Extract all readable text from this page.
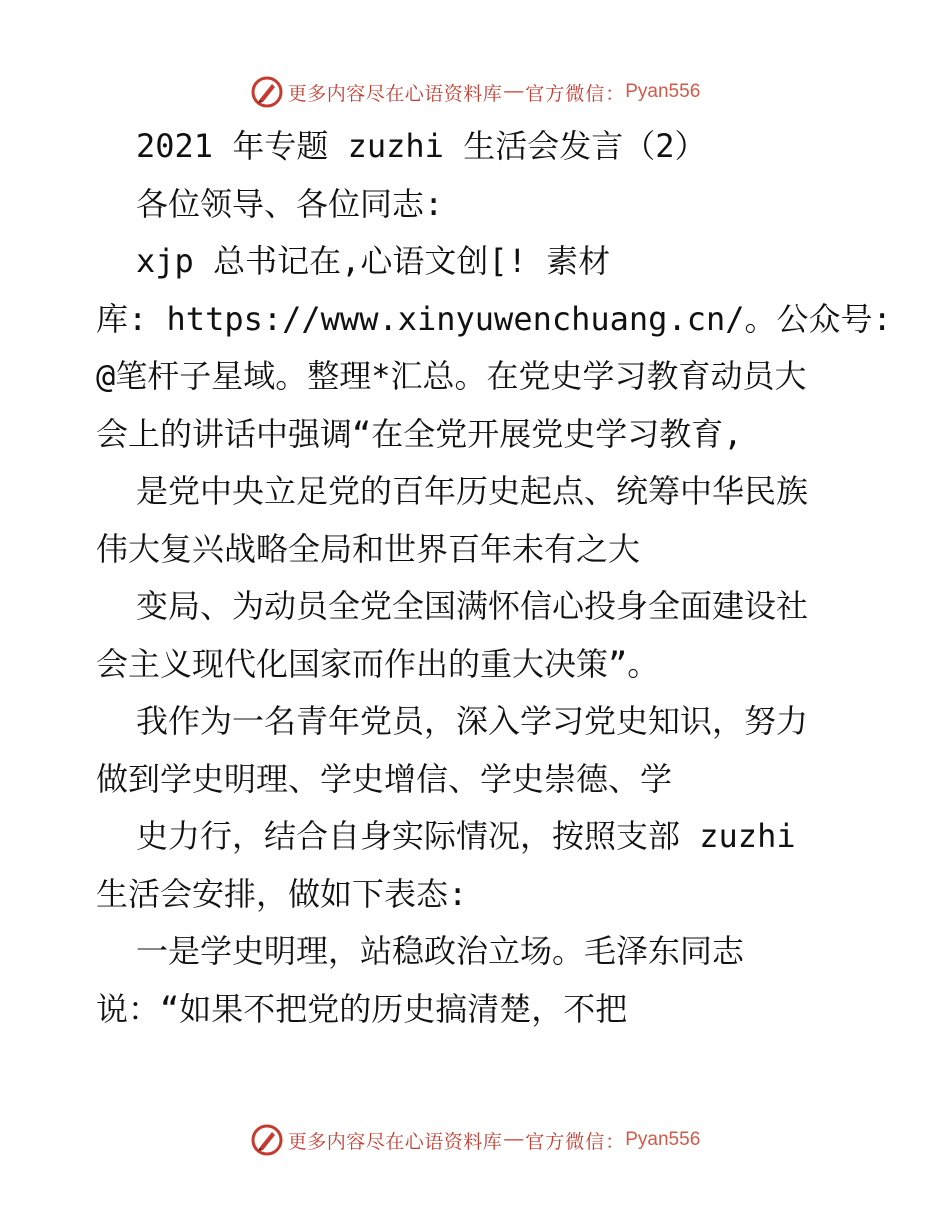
更多内容尽在心语资料库 — 官方微信： Pyan556
2021 年专题 zuzhi 生活会发言（2）
各位领导、各位同志:
xjp 总书记在,心语文创[! 素材
库: https://www.xinyuwenchuang.cn/。公众号:
@笔杆子星域。整理*汇总。在党史学习教育动员大
会上的讲话中强调“在全党开展党史学习教育,
是党中央立足党的百年历史起点、统筹中华民族
伟大复兴战略全局和世界百年未有之大
变局、为动员全党全国满怀信心投身全面建设社
会主义现代化国家而作出的重大决策”。
我作为一名青年党员，深入学习党史知识，努力
做到学史明理、学史增信、学史崇德、学
史力行，结合自身实际情况，按照支部 zuzhi
生活会安排，做如下表态:
一是学史明理，站稳政治立场。毛泽东同志
说：“如果不把党的历史搞清楚，不把
更多内容尽在心语资料库 — 官方微信： Pyan556
